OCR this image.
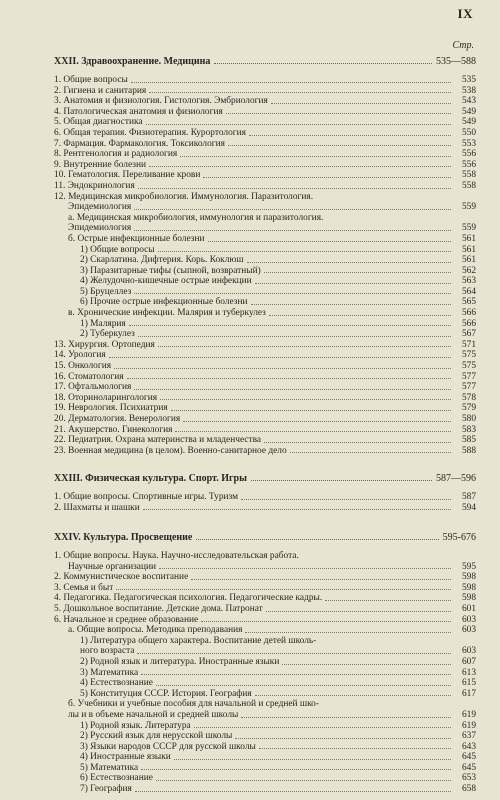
IX
Стр.
XXII. Здравоохранение. Медицина	535—588
1. Общие вопросы	535
2. Гигиена и санитария	538
3. Анатомия и физиология. Гистология. Эмбриология	543
4. Патологическая анатомия и физиология	549
5. Общая диагностика	549
6. Общая терапия. Физиотерапия. Курортология	550
7. Фармация. Фармакология. Токсикология	553
8. Рентгенология и радиология	556
9. Внутренние болезни	556
10. Гематология. Переливание крови	558
11. Эндокринология	558
12. Медицинская микробиология. Иммунология. Паразитология.
Эпидемиология	559
а. Медицинская микробиология, иммунология и паразитология.
Эпидемиология	559
б. Острые инфекционные болезни	561
1) Общие вопросы	561
2) Скарлатина. Дифтерия. Корь. Коклюш	561
3) Паразитарные тифы (сыпной, возвратный)	562
4) Желудочно-кишечные острые инфекции	563
5) Бруцеллез	564
6) Прочие острые инфекционные болезни	565
в. Хронические инфекции. Малярия и туберкулез	566
1) Малярия	566
2) Туберкулез	567
13. Хирургия. Ортопедия	571
14. Урология	575
15. Онкология	575
16. Стоматология	577
17. Офтальмология	577
18. Оториноларингология	578
19. Неврология. Психиатрия	579
20. Дерматология. Венерология	580
21. Акушерство. Гинекология	583
22. Педиатрия. Охрана материнства и младенчества	585
23. Военная медицина (в целом). Военно-санитарное дело	588
XXIII. Физическая культура. Спорт. Игры	587—596
1. Общие вопросы. Спортивные игры. Туризм	587
2. Шахматы и шашки	594
XXIV. Культура. Просвещение	595-676
1. Общие вопросы. Наука. Научно-исследовательская работа.
Научные организации	595
2. Коммунистическое воспитание	598
3. Семья и быт	598
4. Педагогика. Педагогическая психология. Педагогические кадры.	598
5. Дошкольное воспитание. Детские дома. Патронат	601
6. Начальное и среднее образование	603
а. Общие вопросы. Методика преподавания	603
1) Литература общего характера. Воспитание детей школь-
ного возраста	603
2) Родной язык и литература. Иностранные языки	607
3) Математика	613
4) Естествознание	615
5) Конституция СССР. История. География	617
б. Учебники и учебные пособия для начальной и средней шко-
лы и в объеме начальной и средней школы	619
1) Родной язык. Литература	619
2) Русский язык для нерусской школы	637
3) Языки народов СССР для русской школы	643
4) Иностранные языки	645
5) Математика	645
6) Естествознание	653
7) География	658
